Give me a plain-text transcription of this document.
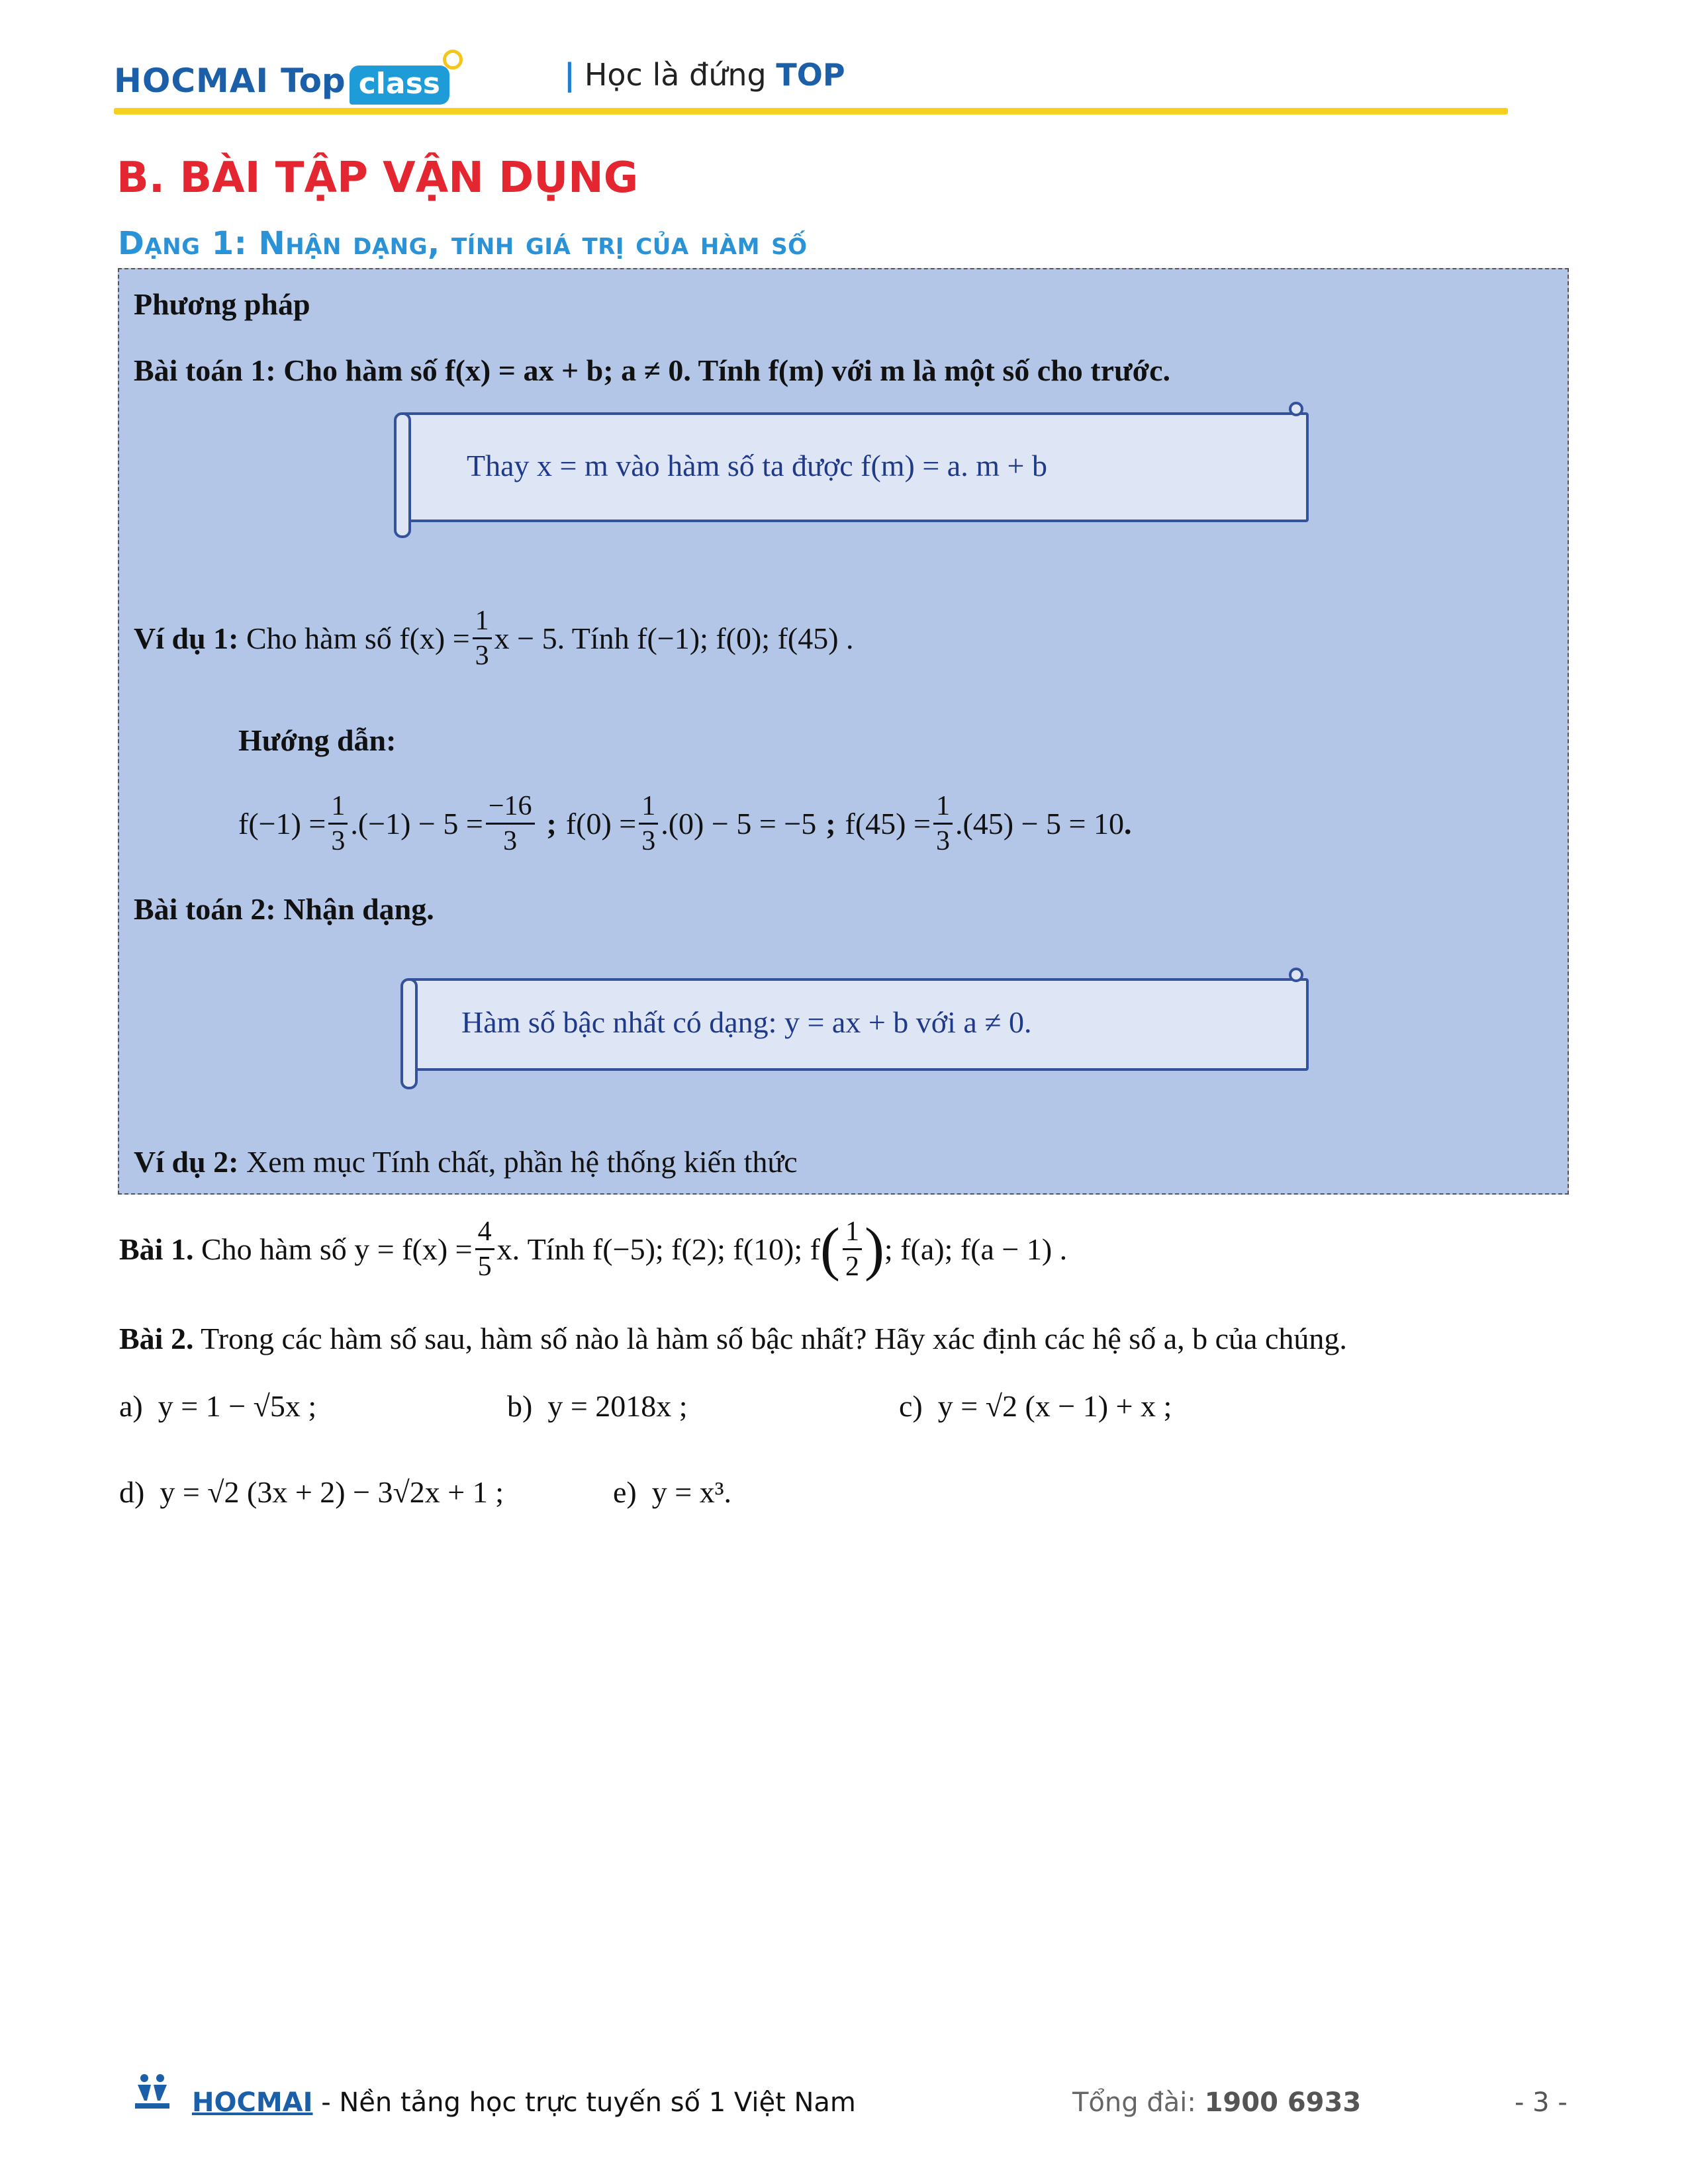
HOCMAI Top class	| Học là đứng TOP
B. BÀI TẬP VẬN DỤNG
Dạng 1: Nhận dạng, tính giá trị của hàm số
Phương pháp
Bài toán 1: Cho hàm số f(x) = ax + b; a ≠ 0. Tính f(m) với m là một số cho trước.
Thay x = m vào hàm số ta được f(m) = a. m + b
Ví dụ 1:
Cho hàm số
$f(x) = \frac{1}{3}$ x − 5 . Tính f(−1); f(0); f(45) .
Hướng dẫn:
$f(-1) = \frac{1}{3} .(-1) - 5 = \frac{-16}{3}$ ; $f(0) = \frac{1}{3} .(0) - 5 = -5$ ; $f(45) = \frac{1}{3} .(45) - 5 = 10$ .
Bài toán 2: Nhận dạng.
Hàm số bậc nhất có dạng: y = ax + b với a ≠ 0.
Ví dụ 2: Xem mục Tính chất, phần hệ thống kiến thức
Bài 1.
Cho hàm số
$y = f(x) = \frac{4}{5} x$.
Tính
f(−5); f(2); f(10); f ( $\frac{1}{2}$ ) ; f(a); f(a − 1) .
Bài 2. Trong các hàm số sau, hàm số nào là hàm số bậc nhất? Hãy xác định các hệ số a, b của chúng.
a) y = 1 − √5x ;	b) y = 2018x ;	c) y = √2 (x − 1) + x ;
d) y = √2 (3x + 2) − 3√2x + 1 ;	e) y = x³.
HOCMAI - Nền tảng học trực tuyến số 1 Việt Nam	Tổng đài: 1900 6933	- 3 -
